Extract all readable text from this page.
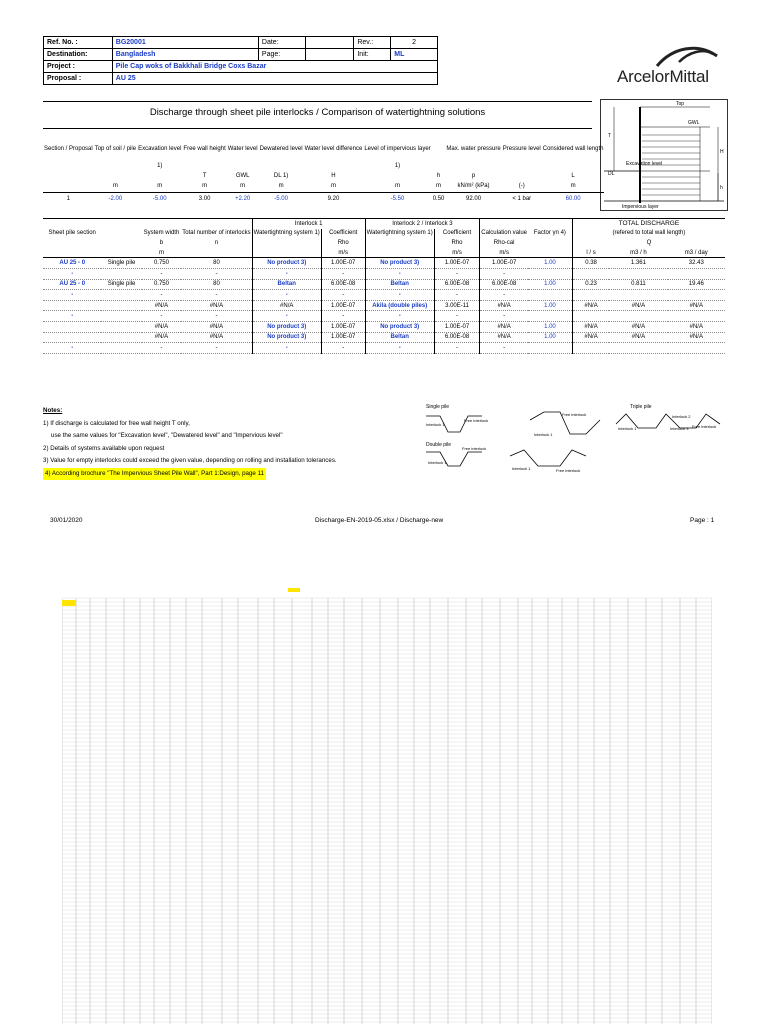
Ref. No. :	BG20001	Date:		Rev.:	2
Destination:	Bangladesh	Page:		Init:	ML
Project :	Pile Cap woks of Bakkhali Bridge Coxs Bazar				
Proposal :	AU 25					ArcelorMittal
Discharge through sheet pile interlocks / Comparison of watertightning solutions
Section / Proposal	Top of soil / pile	Excavation level	Free wall height	Water level	Dewatered level	Water level difference	Level of impervious layer		Max. water pressure	Pressure level	Considered wall length
		1)					1)				
			T	GWL	DL 1)	H		h	p		L
	m	m	m	m	m	m	m	m	kN/m² (kPa)	(-)	m
1	-2.00	-5.00	3.00	+2.20	-5.00	9.20	-5.50	0.50	92.00	< 1 bar	60.00
Top
GWL
T
H
Excavation level
DL
h
Impervious layer
				Interlock 1		Interlock 2 / Interlock 3				TOTAL DISCHARGE		
Sheet pile section		System width	Total number of interlocks	Watertightning system 1)	Coefficient	Watertightning system 1)	Coefficient	Calculation value	Factor γn 4)	(refered to total wall length)		
		b	n		Rho		Rho	Rho-cal		Q		
		m			m/s		m/s	m/s		l / s	m3 / h	m3 / day
AU 25 - 0	Single pile	0.750	80	No product 3)	1.00E-07	No product 3)	1.00E-07	1.00E-07	1.00	0.38	1.361	32.43
-		-	-	-	-	-	-	-				
AU 25 - 0	Single pile	0.750	80	Beltan	6.00E-08	Beltan	6.00E-08	6.00E-08	1.00	0.23	0.811	19.46
-		-	-	-	-	-	-	-				
		#N/A	#N/A	#N/A	1.00E-07	Akila (double piles)	3.00E-11	#N/A	1.00	#N/A	#N/A	#N/A
-		-	-	-	-	-	-	-				
		#N/A	#N/A	No product 3)	1.00E-07	No product 3)	1.00E-07	#N/A	1.00	#N/A	#N/A	#N/A
		#N/A	#N/A	No product 3)	1.00E-07	Beltan	6.00E-08	#N/A	1.00	#N/A	#N/A	#N/A
-		-	-	-	-	-	-	-				
Notes:
1) If discharge is calculated for free wall height T only,
use the same values for "Excavation level", "Dewatered level" and "Impervious level"
2) Details of systems available upon request
3) Value for empty interlocks could exceed the given value, depending on rolling and installation tolerances.
4) According brochure "The Impervious Sheet Pile Wall", Part 1:Design, page 11
Single pile
Free interlock
Interlock 1
Free interlock
Interlock 1
Double pile
Free interlock
Interlock 1
Interlock 1	Free interlock
Triple pile
Interlock 1
Interlock 2
Interlock 3 Free interlock
30/01/2020	Discharge-EN-2019-05.xlsx / Discharge-new	Page : 1
